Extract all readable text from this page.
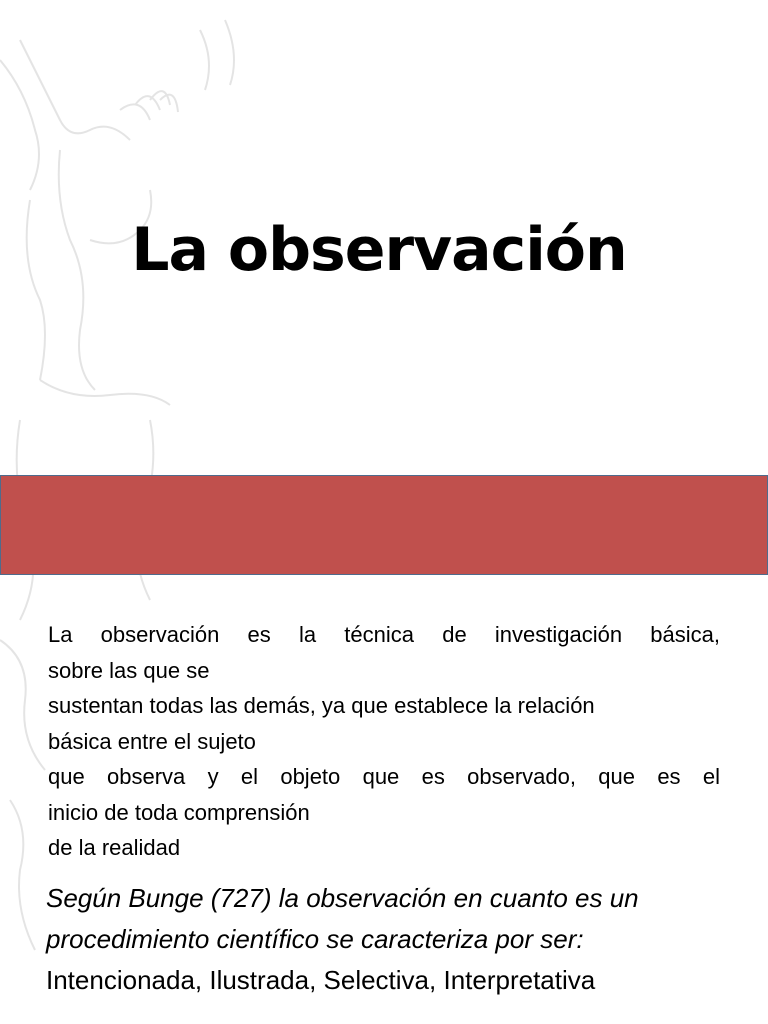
La observación
La observación es la técnica de investigación básica,
sobre las que se
sustentan todas las demás, ya que establece la relación
básica entre el sujeto
que observa y el objeto que es observado, que es el
inicio de toda comprensión
de la realidad
Según Bunge (727) la observación en cuanto es un
procedimiento científico se caracteriza por ser:
Intencionada, Ilustrada, Selectiva, Interpretativa
